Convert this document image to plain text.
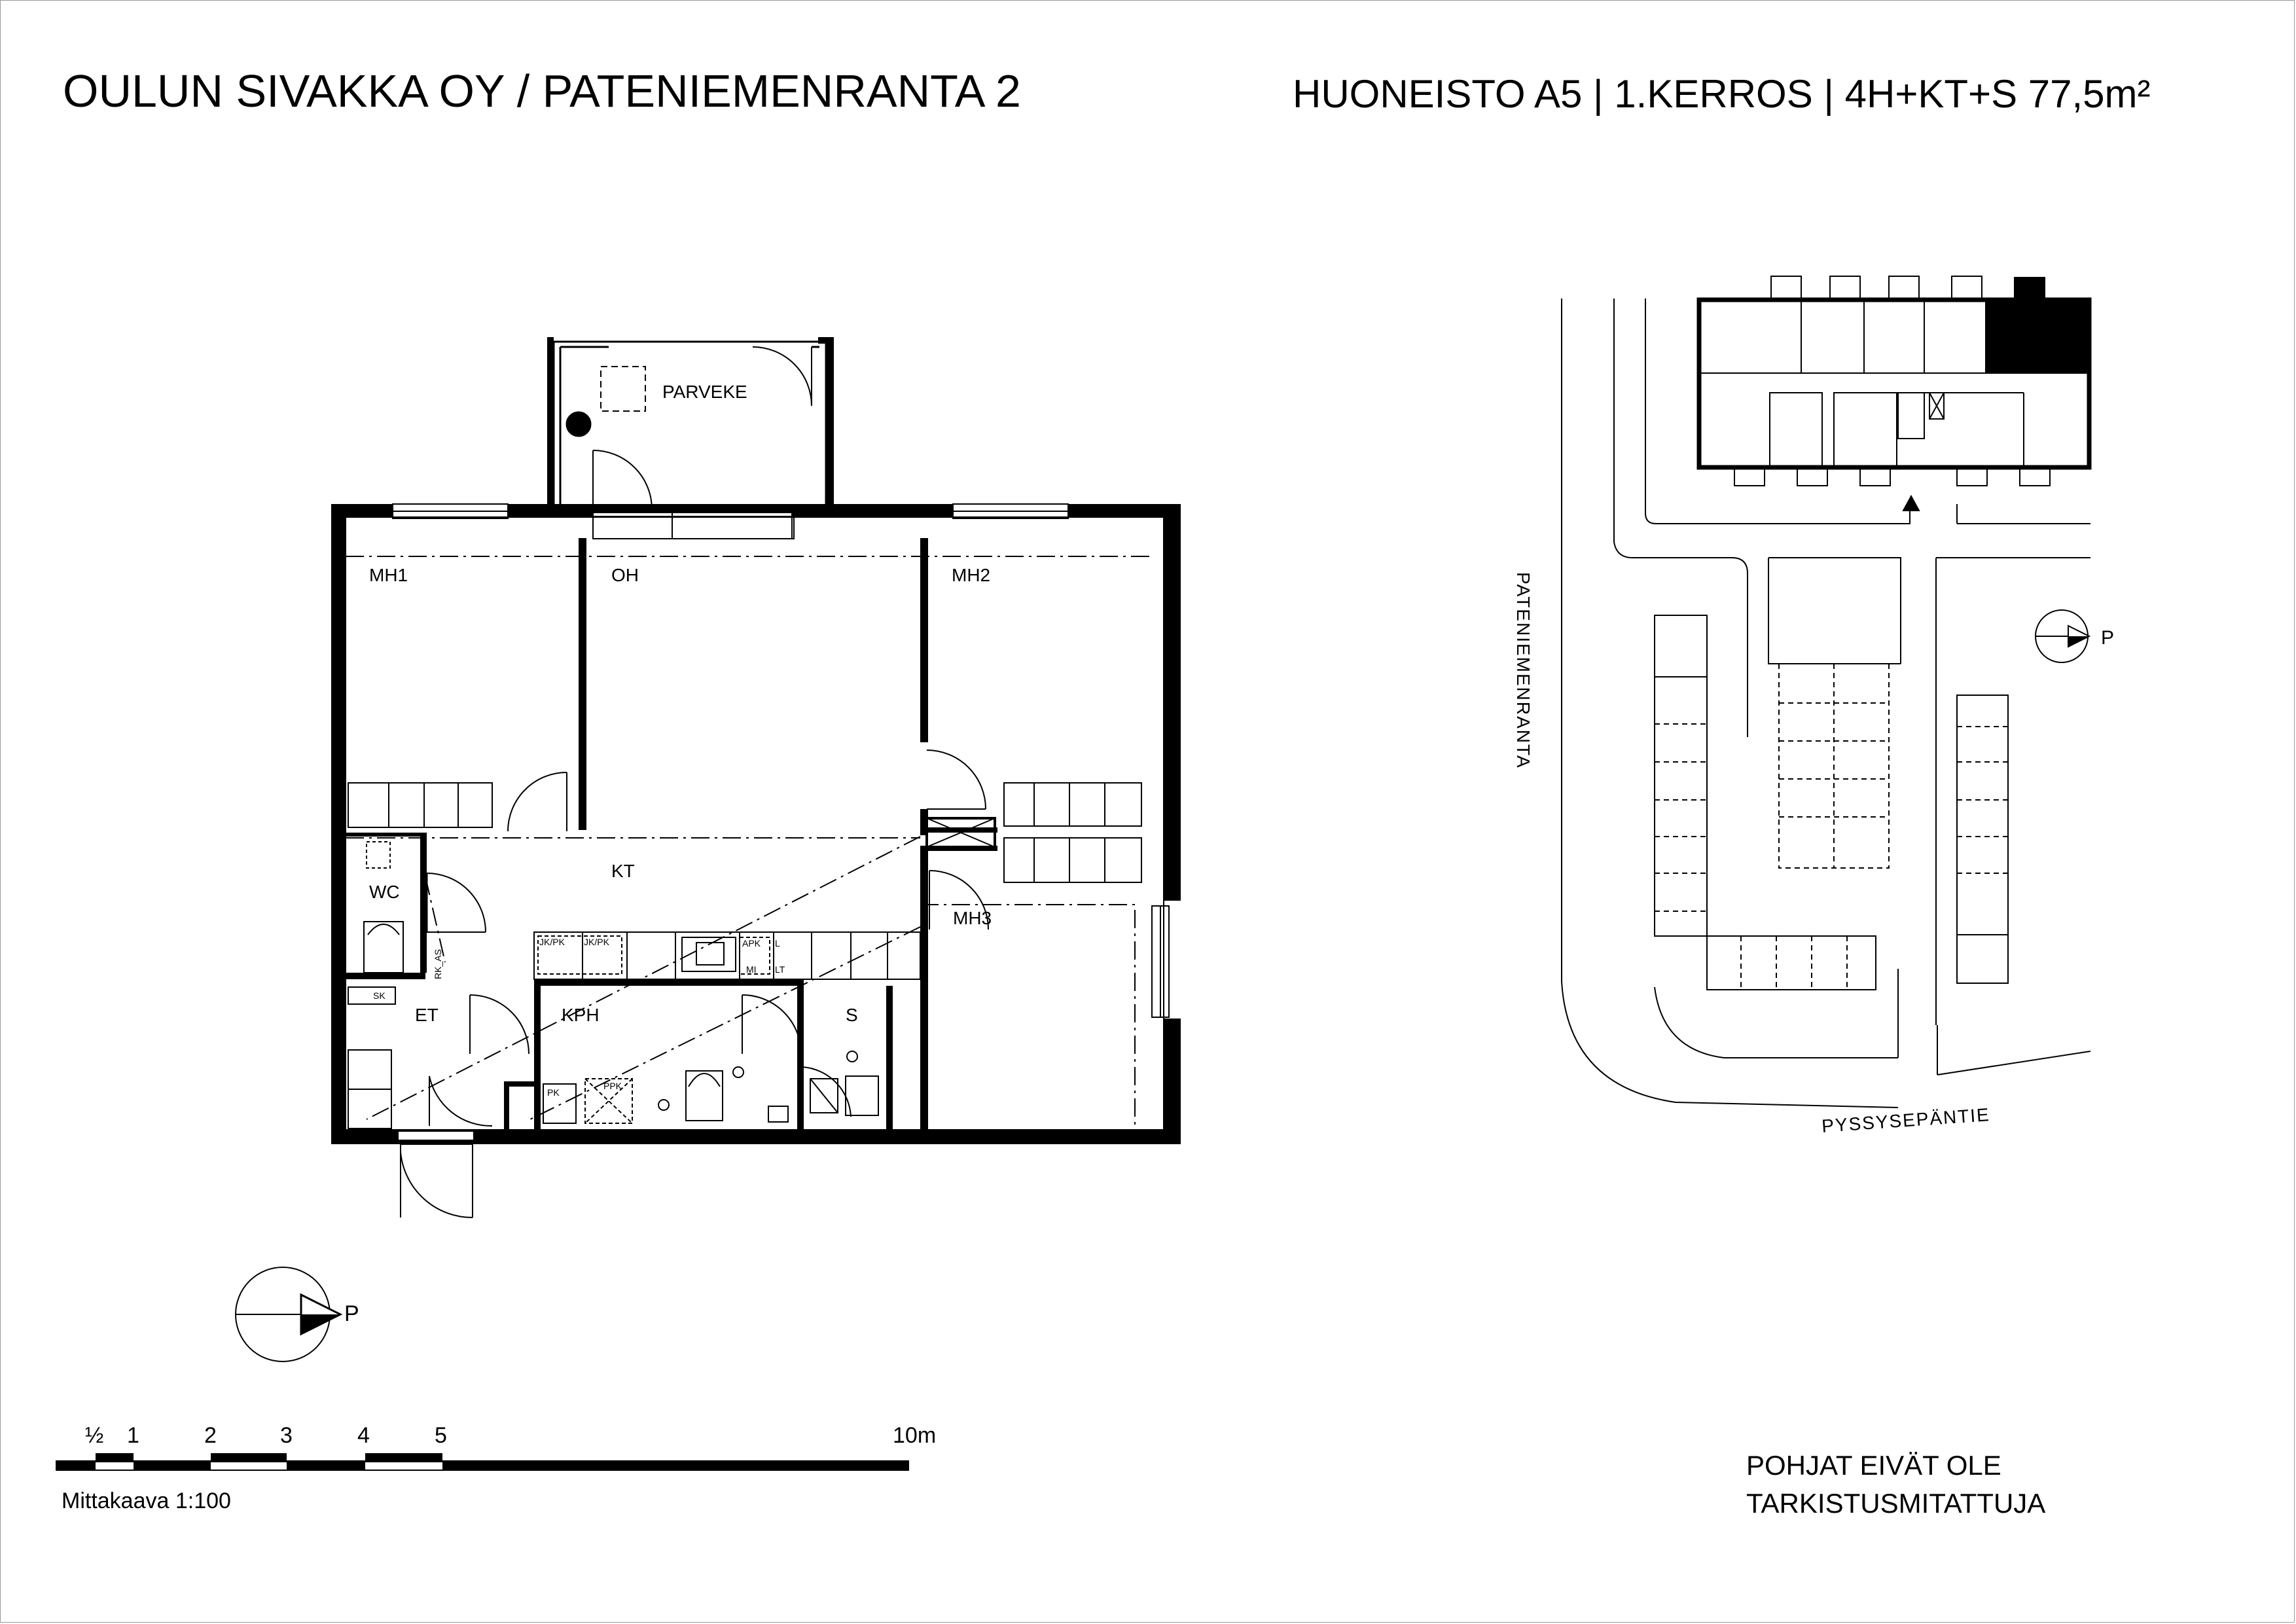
OULUN SIVAKKA OY / PATENIEMENRANTA 2	HUONEISTO A5 | 1.KERROS | 4H+KT+S 77,5m²
PARVEKE
MH1	OH	MH2
KT
WC
MH3
ET	KPH	S
SK
RK_AS
JK/PK JK/PK	APK L
MI LT
PK
PPK
P
½ 1	2	3	4	5	10m
Mittakaava 1:100
P
PATENIEMENRANTA
PYSSYSEPÄNTIE
POHJAT EIVÄT OLE
TARKISTUSMITATTUJA
